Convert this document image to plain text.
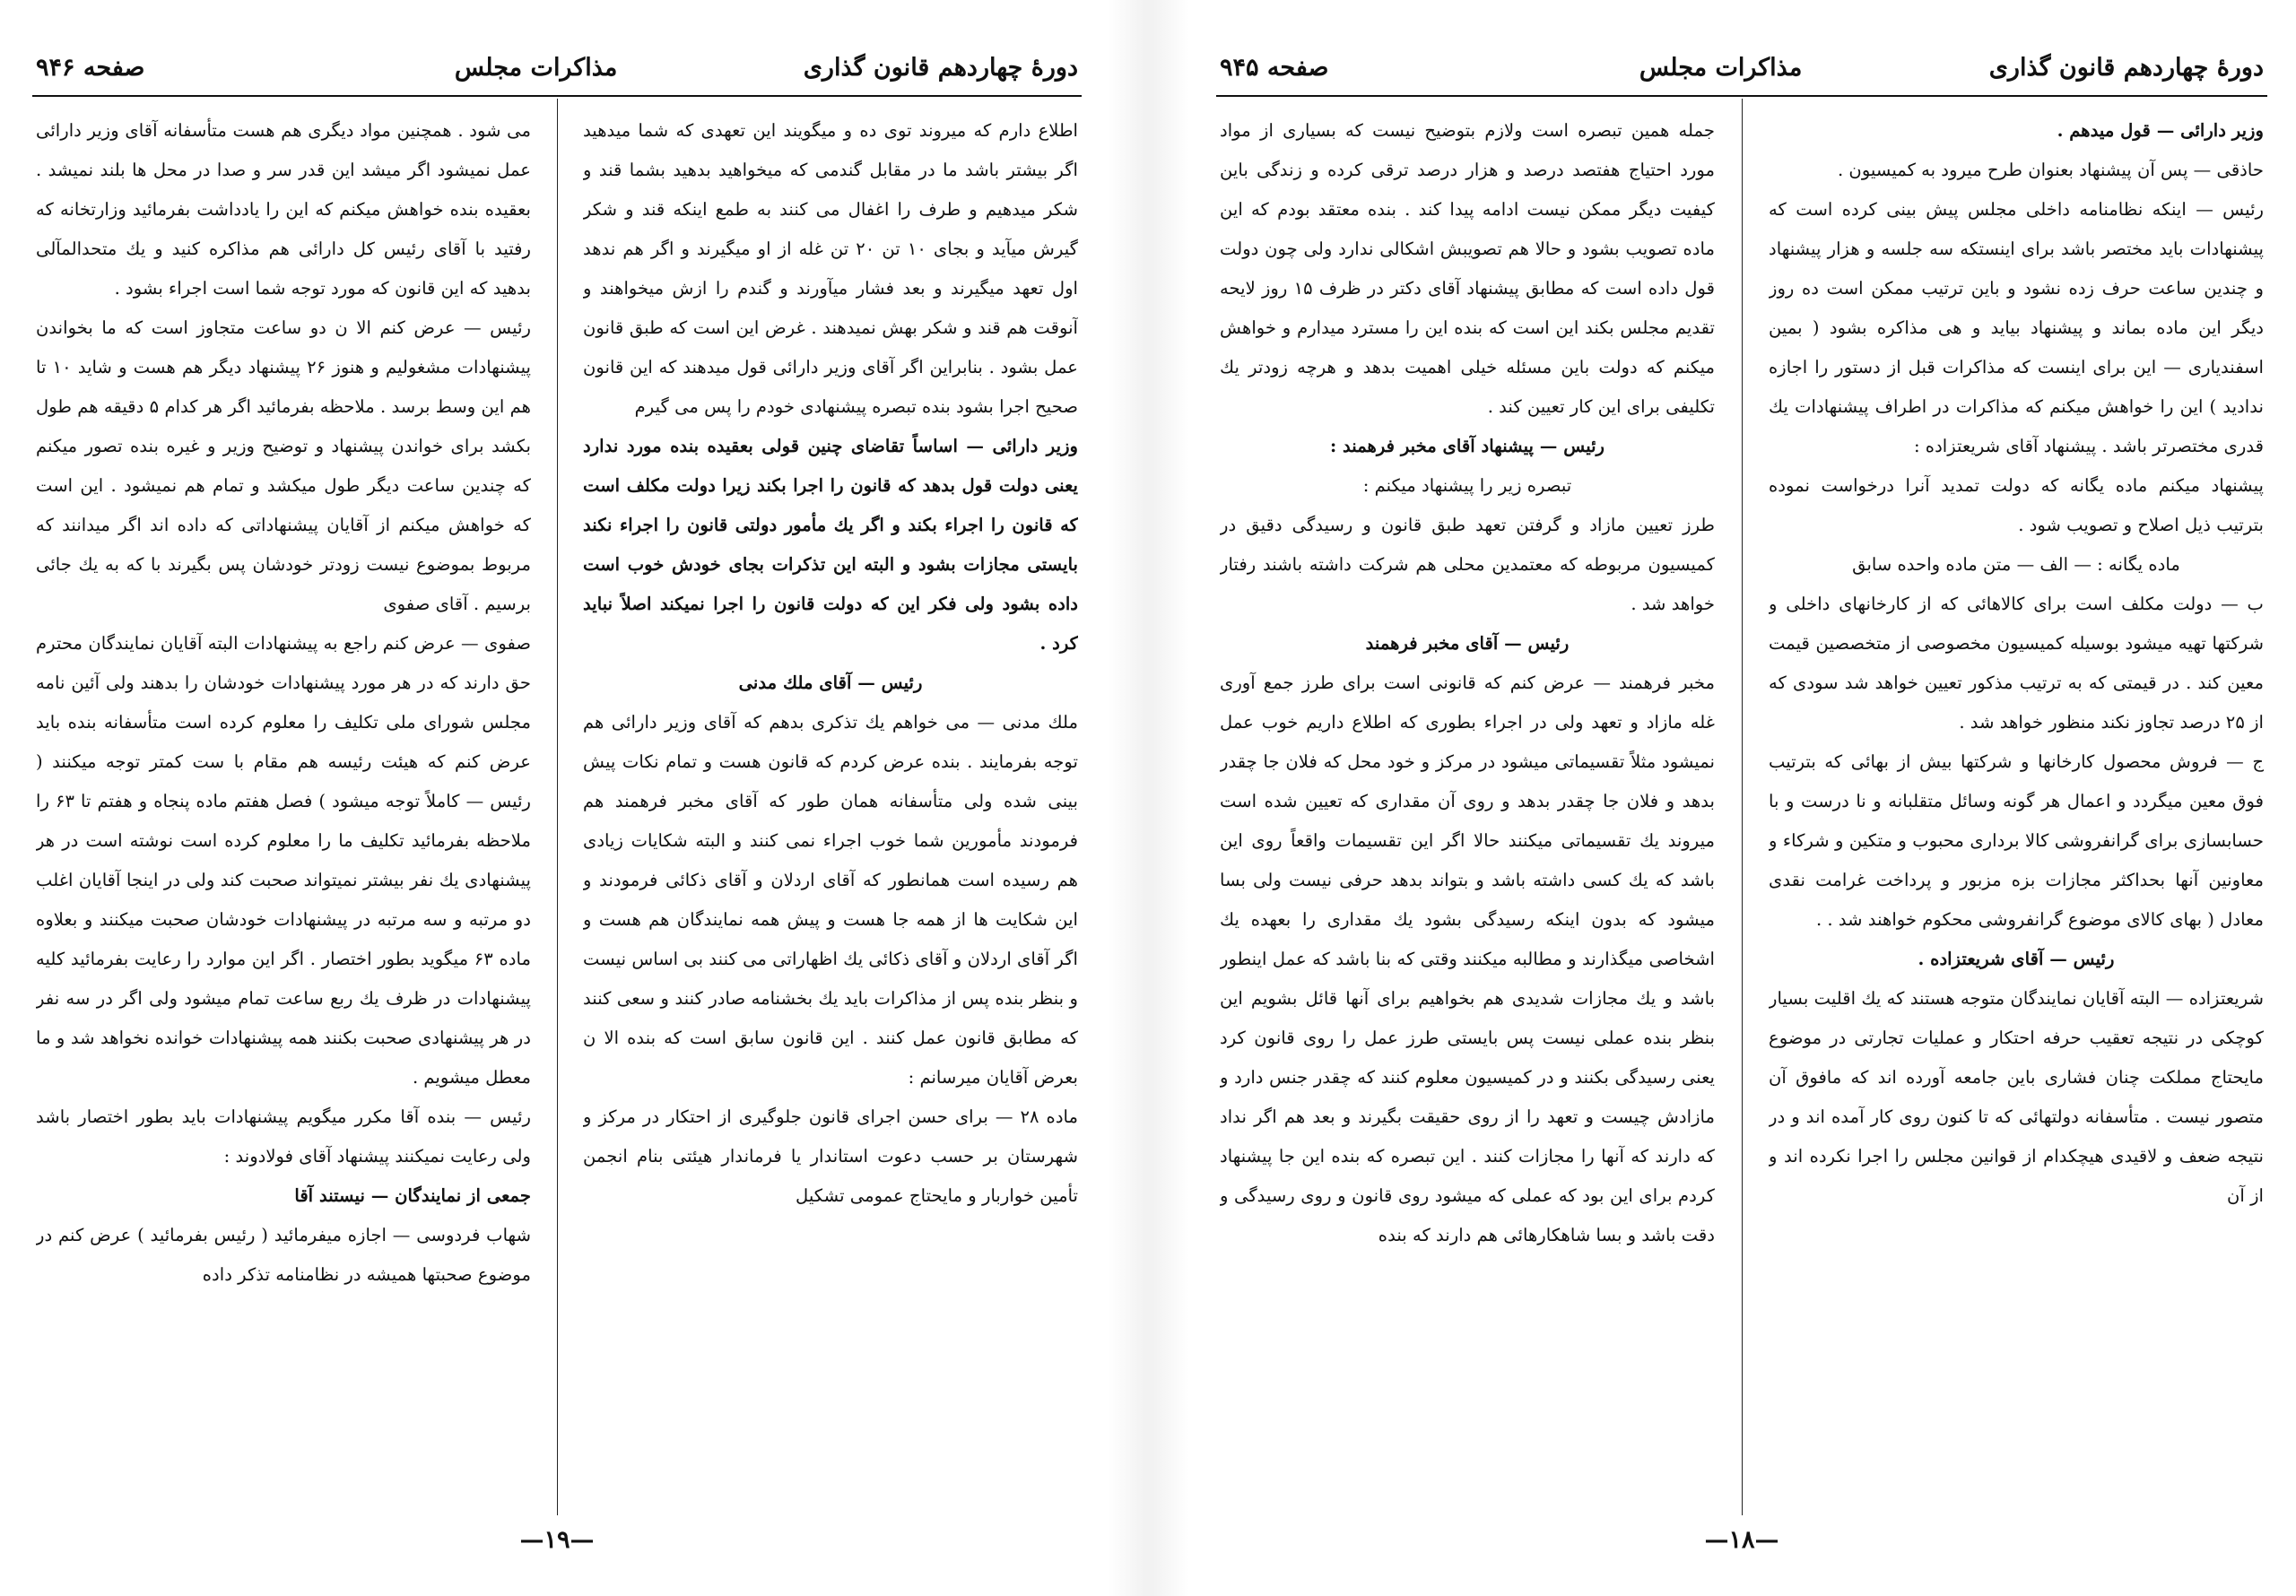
دورهٔ چهاردهم قانون گذاری
مذاکرات مجلس
صفحه ۹۴۶

اطلاع دارم که میروند توی ده و میگویند این تعهدی که شما میدهید اگر بیشتر باشد ما در مقابل گندمی که میخواهید بدهید بشما قند و شکر میدهیم و طرف را اغفال می کنند به طمع اینکه قند و شکر گیرش میآید و بجای ۱۰ تن ۲۰ تن غله از او میگیرند و اگر هم ندهد اول تعهد میگیرند و بعد فشار میآورند و گندم را ازش میخواهند و آنوقت هم قند و شکر بهش نمیدهند . غرض این است که طبق قانون عمل بشود . بنابراین اگر آقای وزیر دارائی قول میدهند که این قانون صحیح اجرا بشود بنده تبصره پیشنهادی خودم را پس می گیرم

وزیر دارائی — اساساً تقاضای چنین قولی بعقیده بنده مورد ندارد یعنی دولت قول بدهد که قانون را اجرا بکند زیرا دولت مکلف است که قانون را اجراء بکند و اگر یك مأمور دولتی قانون را اجراء نکند بایستی مجازات بشود و البته این تذکرات بجای خودش خوب است داده بشود ولی فکر این که دولت قانون را اجرا نمیکند اصلاً نباید کرد .

رئیس — آقای ملك مدنی

ملك مدنی — می خواهم یك تذکری بدهم که آقای وزیر دارائی هم توجه بفرمایند . بنده عرض کردم که قانون هست و تمام نکات پیش بینی شده ولی متأسفانه همان طور که آقای مخبر فرهمند هم فرمودند مأمورین شما خوب اجراء نمی کنند و البته شکایات زیادی هم رسیده است همانطور که آقای اردلان و آقای ذکائی فرمودند و این شکایت ها از همه جا هست و پیش همه نمایندگان هم هست و اگر آقای اردلان و آقای ذکائی یك اظهاراتی می کنند بی اساس نیست و بنظر بنده پس از مذاکرات باید یك بخشنامه صادر کنند و سعی کنند که مطابق قانون عمل کنند . این قانون سابق است که بنده الا ن بعرض آقایان میرسانم :

ماده ۲۸ — برای حسن اجرای قانون جلوگیری از احتکار در مرکز و شهرستان بر حسب دعوت استاندار یا فرماندار هیئتی بنام انجمن تأمین خواربار و مایحتاج عمومی تشکیل

می شود . همچنین مواد دیگری هم هست متأسفانه آقای وزیر دارائی عمل نمیشود اگر میشد این قدر سر و صدا در محل ها بلند نمیشد . بعقیده بنده خواهش میکنم که این را یادداشت بفرمائید وزارتخانه که رفتید با آقای رئیس کل دارائی هم مذاکره کنید و یك متحدالمآلی بدهید که این قانون که مورد توجه شما است اجراء بشود .

رئیس — عرض کنم الا ن دو ساعت متجاوز است که ما بخواندن پیشنهادات مشغولیم و هنوز ۲۶ پیشنهاد دیگر هم هست و شاید ۱۰ تا هم این وسط برسد . ملاحظه بفرمائید اگر هر کدام ۵ دقیقه هم طول بکشد برای خواندن پیشنهاد و توضیح وزیر و غیره بنده تصور میکنم که چندین ساعت دیگر طول میکشد و تمام هم نمیشود . این است که خواهش میکنم از آقایان پیشنهاداتی که داده اند اگر میدانند که مربوط بموضوع نیست زودتر خودشان پس بگیرند با که به یك جائی برسیم . آقای صفوی

صفوی — عرض کنم راجع به پیشنهادات البته آقایان نمایندگان محترم حق دارند که در هر مورد پیشنهادات خودشان را بدهند ولی آئین نامه مجلس شورای ملی تکلیف را معلوم کرده است متأسفانه بنده باید عرض کنم که هیئت رئیسه هم مقام با ست کمتر توجه میکنند ( رئیس — کاملاً توجه میشود ) فصل هفتم ماده پنجاه و هفتم تا ۶۳ را ملاحظه بفرمائید تکلیف ما را معلوم کرده است نوشته است در هر پیشنهادی یك نفر بیشتر نمیتواند صحبت کند ولی در اینجا آقایان اغلب دو مرتبه و سه مرتبه در پیشنهادات خودشان صحبت میکنند و بعلاوه ماده ۶۳ میگوید بطور اختصار . اگر این موارد را رعایت بفرمائید کلیه پیشنهادات در ظرف یك ربع ساعت تمام میشود ولی اگر در سه نفر در هر پیشنهادی صحبت بکنند همه پیشنهادات خوانده نخواهد شد و ما معطل میشویم .

رئیس — بنده آقا مکرر میگویم پیشنهادات باید بطور اختصار باشد ولی رعایت نمیکنند پیشنهاد آقای فولادوند :

جمعی از نمایندگان — نیستند آقا

شهاب فردوسی — اجازه میفرمائید ( رئیس بفرمائید ) عرض کنم در موضوع صحبتها همیشه در نظامنامه تذکر داده

—۱۹—
دورهٔ چهاردهم قانون گذاری
مذاکرات مجلس
صفحه ۹۴۵

وزیر دارائی — قول میدهم .

حاذقی — پس آن پیشنهاد بعنوان طرح میرود به کمیسیون .

رئیس — اینکه نظامنامه داخلی مجلس پیش بینی کرده است که پیشنهادات باید مختصر باشد برای اینستکه سه جلسه و هزار پیشنهاد و چندین ساعت حرف زده نشود و باین ترتیب ممکن است ده روز دیگر این ماده بماند و پیشنهاد بیاید و هی مذاکره بشود ( بمین اسفندیاری — این برای اینست که مذاکرات قبل از دستور را اجازه ندادید ) این را خواهش میکنم که مذاکرات در اطراف پیشنهادات یك قدری مختصرتر باشد . پیشنهاد آقای شریعتزاده :

پیشنهاد میکنم ماده یگانه که دولت تمدید آنرا درخواست نموده بترتیب ذیل اصلاح و تصویب شود .

ماده یگانه : — الف — متن ماده واحده سابق

ب — دولت مکلف است برای کالاهائی که از کارخانهای داخلی و شرکتها تهیه میشود بوسیله کمیسیون مخصوصی از متخصصین قیمت معین کند . در قیمتی که به ترتیب مذکور تعیین خواهد شد سودی که از ۲۵ درصد تجاوز نکند منظور خواهد شد .

ج — فروش محصول کارخانها و شرکتها بیش از بهائی که بترتیب فوق معین میگردد و اعمال هر گونه وسائل متقلبانه و نا درست و با حسابسازی برای گرانفروشی کالا برداری محبوب و متکین و شرکاء و معاونین آنها بحداکثر مجازات بزه مزبور و پرداخت غرامت نقدی معادل ( بهای کالای موضوع گرانفروشی محکوم خواهند شد . .

رئیس — آقای شریعتزاده .

شریعتزاده — البته آقایان نمایندگان متوجه هستند که یك اقلیت بسیار کوچکی در نتیجه تعقیب حرفه احتکار و عملیات تجارتی در موضوع مایحتاج مملکت چنان فشاری باین جامعه آورده اند که مافوق آن متصور نیست . متأسفانه دولتهائی که تا کنون روی کار آمده اند و در نتیجه ضعف و لاقیدی هیچکدام از قوانین مجلس را اجرا نکرده اند و از آن

جمله همین تبصره است ولازم بتوضیح نیست که بسیاری از مواد مورد احتیاج هفتصد درصد و هزار درصد ترقی کرده و زندگی باین کیفیت دیگر ممکن نیست ادامه پیدا کند . بنده معتقد بودم که این ماده تصویب بشود و حالا هم تصویبش اشکالی ندارد ولی چون دولت قول داده است که مطابق پیشنهاد آقای دکتر در ظرف ۱۵ روز لایحه تقدیم مجلس بکند این است که بنده این را مسترد میدارم و خواهش میکنم که دولت باین مسئله خیلی اهمیت بدهد و هرچه زودتر یك تکلیفی برای این کار تعیین کند .

رئیس — پیشنهاد آقای مخبر فرهمند :

تبصره زیر را پیشنهاد میکنم :

طرز تعیین مازاد و گرفتن تعهد طبق قانون و رسیدگی دقیق در کمیسیون مربوطه که معتمدین محلی هم شرکت داشته باشند رفتار خواهد شد .

رئیس — آقای مخبر فرهمند

مخبر فرهمند — عرض کنم که قانونی است برای طرز جمع آوری غله مازاد و تعهد ولی در اجراء بطوری که اطلاع داریم خوب عمل نمیشود مثلاً تقسیماتی میشود در مرکز و خود محل که فلان جا چقدر بدهد و فلان جا چقدر بدهد و روی آن مقداری که تعیین شده است میروند یك تقسیماتی میکنند حالا اگر این تقسیمات واقعاً روی این باشد که یك کسی داشته باشد و بتواند بدهد حرفی نیست ولی بسا میشود که بدون اینکه رسیدگی بشود یك مقداری را بعهده یك اشخاصی میگذارند و مطالبه میکنند وقتی که بنا باشد که عمل اینطور باشد و یك مجازات شدیدی هم بخواهیم برای آنها قائل بشویم این بنظر بنده عملی نیست پس بایستی طرز عمل را روی قانون کرد یعنی رسیدگی بکنند و در کمیسیون معلوم کنند که چقدر جنس دارد و مازادش چیست و تعهد را از روی حقیقت بگیرند و بعد هم اگر نداد که دارند که آنها را مجازات کنند . این تبصره که بنده این جا پیشنهاد کردم برای این بود که عملی که میشود روی قانون و روی رسیدگی و دقت باشد و بسا شاهکارهائی هم دارند که بنده

—۱۸—
